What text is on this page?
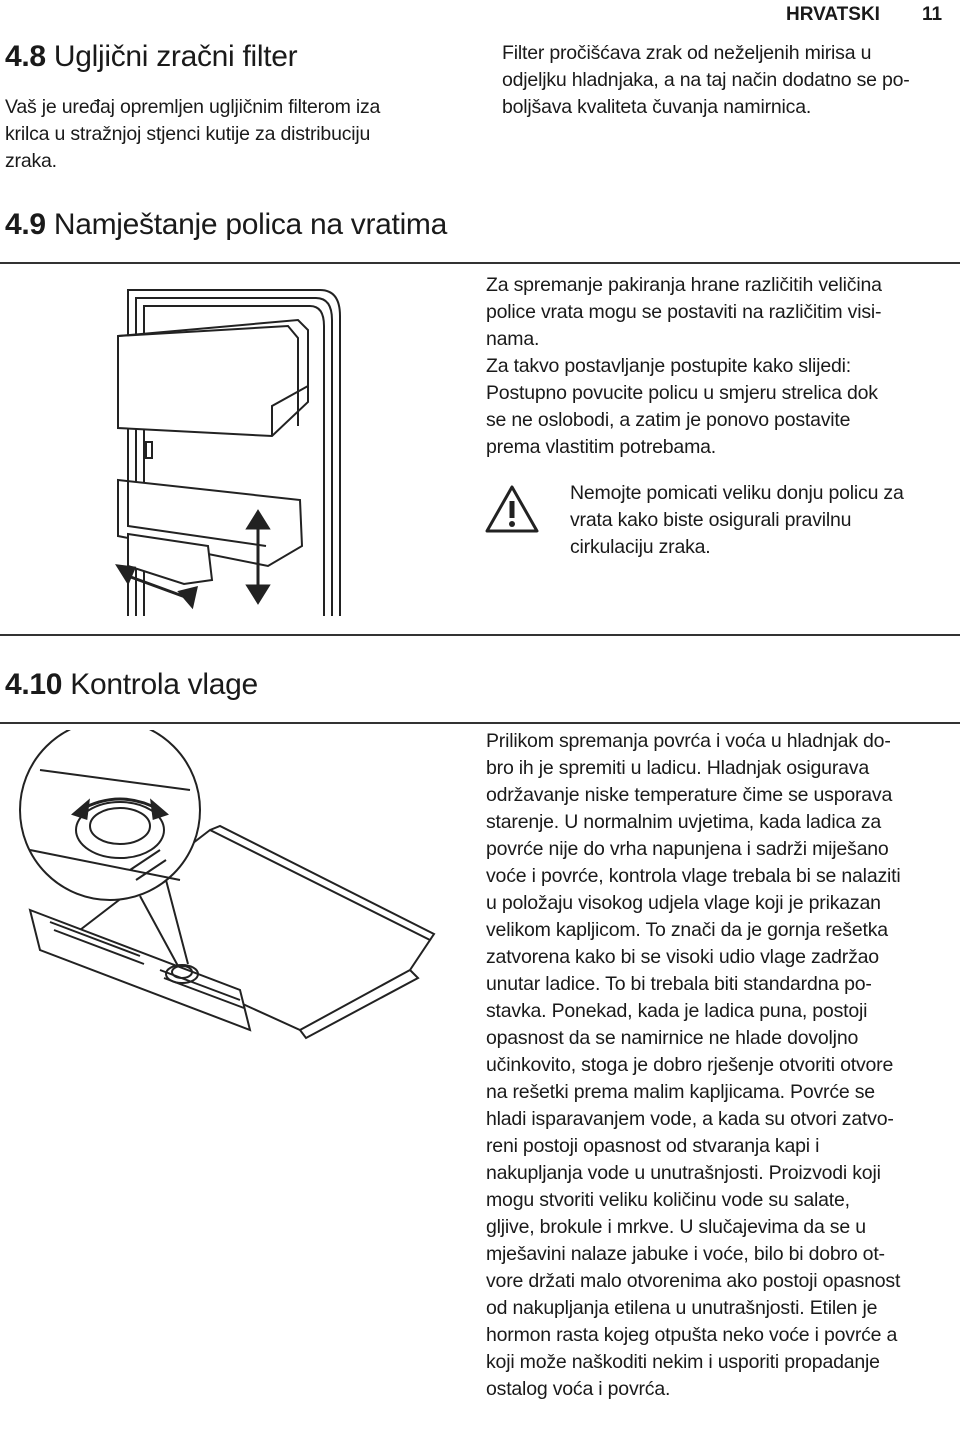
HRVATSKI 11
4.8 Ugljični zračni filter
Vaš je uređaj opremljen ugljičnim filterom iza
krilca u stražnjoj stjenci kutije za distribuciju
zraka.
Filter pročišćava zrak od neželjenih mirisa u
odjeljku hladnjaka, a na taj način dodatno se po-
boljšava kvaliteta čuvanja namirnica.
4.9 Namještanje polica na vratima
Za spremanje pakiranja hrane različitih veličina
police vrata mogu se postaviti na različitim visi-
nama.
Za takvo postavljanje postupite kako slijedi:
Postupno povucite policu u smjeru strelica dok
se ne oslobodi, a zatim je ponovo postavite
prema vlastitim potrebama.
Nemojte pomicati veliku donju policu za
vrata kako biste osigurali pravilnu
cirkulaciju zraka.
4.10 Kontrola vlage
Prilikom spremanja povrća i voća u hladnjak do-
bro ih je spremiti u ladicu. Hladnjak osigurava
održavanje niske temperature čime se usporava
starenje. U normalnim uvjetima, kada ladica za
povrće nije do vrha napunjena i sadrži miješano
voće i povrće, kontrola vlage trebala bi se nalaziti
u položaju visokog udjela vlage koji je prikazan
velikom kapljicom. To znači da je gornja rešetka
zatvorena kako bi se visoki udio vlage zadržao
unutar ladice. To bi trebala biti standardna po-
stavka. Ponekad, kada je ladica puna, postoji
opasnost da se namirnice ne hlade dovoljno
učinkovito, stoga je dobro rješenje otvoriti otvore
na rešetki prema malim kapljicama. Povrće se
hladi isparavanjem vode, a kada su otvori zatvo-
reni postoji opasnost od stvaranja kapi i
nakupljanja vode u unutrašnjosti. Proizvodi koji
mogu stvoriti veliku količinu vode su salate,
gljive, brokule i mrkve. U slučajevima da se u
mješavini nalaze jabuke i voće, bilo bi dobro ot-
vore držati malo otvorenima ako postoji opasnost
od nakupljanja etilena u unutrašnjosti. Etilen je
hormon rasta kojeg otpušta neko voće i povrće a
koji može naškoditi nekim i usporiti propadanje
ostalog voća i povrća.
